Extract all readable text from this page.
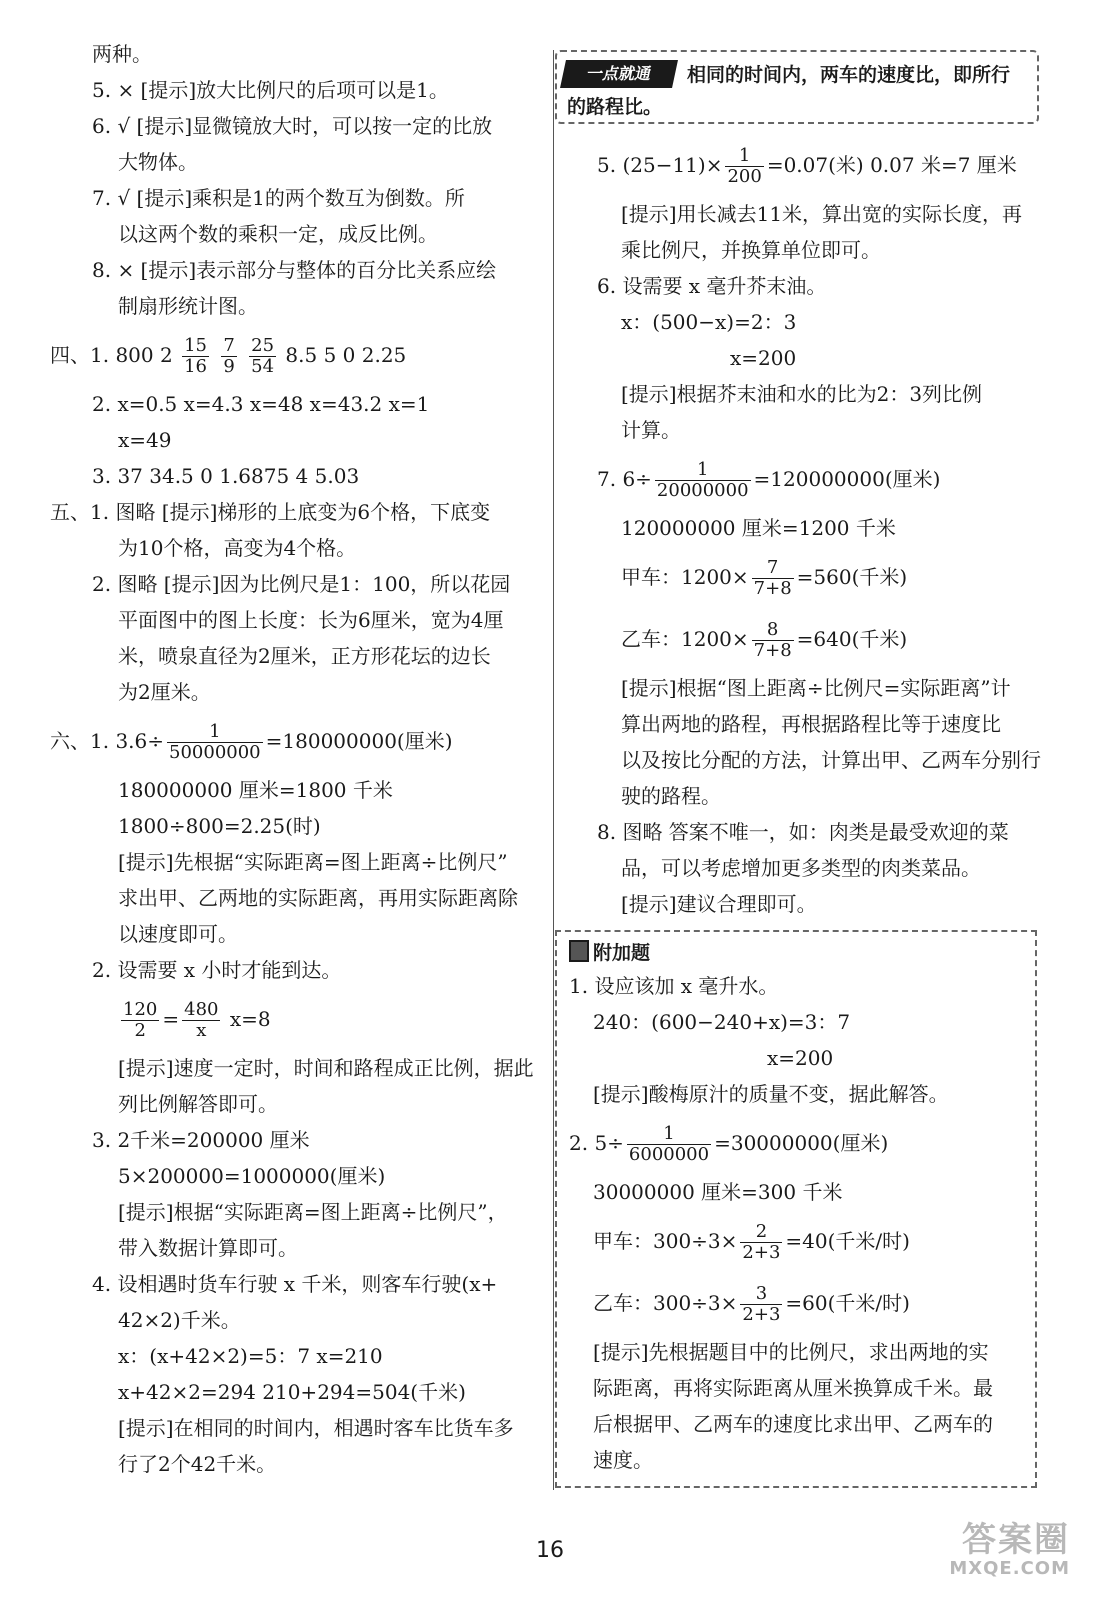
两种。
5. × [提示]放大比例尺的后项可以是1。
6. √ [提示]显微镜放大时，可以按一定的比放
大物体。
7. √ [提示]乘积是1的两个数互为倒数。所
以这两个数的乘积一定，成反比例。
8. × [提示]表示部分与整体的百分比关系应绘
制扇形统计图。
四、1. 800 $2 \frac{15}{16}$
$\frac{7}{9}$
$\frac{25}{54} 8.5$ 5 0 2.25
2. x=0.5 x=4.3 x=48 x=43.2 x=1
x=49
3. 37 34.5 0 1.6875 4 5.03
五、1. 图略 [提示]梯形的上底变为6个格，下底变
为10个格，高变为4个格。
2. 图略 [提示]因为比例尺是1：100，所以花园
平面图中的图上长度：长为6厘米，宽为4厘
米，喷泉直径为2厘米，正方形花坛的边长
为2厘米。
六、1. $3.6\div \frac{1}{50000000} =180000000$(厘米)
180000000 厘米=1800 千米
1800÷800=2.25(时)
[提示]先根据“实际距离=图上距离÷比例尺”
求出甲、乙两地的实际距离，再用实际距离除
以速度即可。
2. 设需要 x 小时才能到达。
$\frac{120}{2} = \frac{480}{x} x=8$
[提示]速度一定时，时间和路程成正比例，据此
列比例解答即可。
3. 2千米=200000 厘米
5×200000=1000000(厘米)
[提示]根据“实际距离=图上距离÷比例尺”，
带入数据计算即可。
4. 设相遇时货车行驶 x 千米，则客车行驶(x+
42×2)千米。
x：(x+42×2)=5：7 x=210
x+42×2=294 210+294=504(千米)
[提示]在相同的时间内，相遇时客车比货车多
行了2个42千米。
一点就通	相同的时间内，两车的速度比，即所行
的路程比。
5. $(25-11)\times \frac{1}{200} =0.07$(米) 0.07 米=7 厘米
[提示]用长减去11米，算出宽的实际长度，再
乘比例尺，并换算单位即可。
6. 设需要 x 毫升芥末油。
x：(500−x)=2：3
x=200
[提示]根据芥末油和水的比为2：3列比例
计算。
7. $6\div \frac{1}{20000000} =120000000$(厘米)
120000000 厘米=1200 千米
甲车：$1200\times \frac{7}{7+8} =560$(千米)
乙车：$1200\times \frac{8}{7+8} =640$(千米)
[提示]根据“图上距离÷比例尺=实际距离”计
算出两地的路程，再根据路程比等于速度比
以及按比分配的方法，计算出甲、乙两车分别行
驶的路程。
8. 图略 答案不唯一，如：肉类是最受欢迎的菜
品，可以考虑增加更多类型的肉类菜品。
[提示]建议合理即可。
附加题
1. 设应该加 x 毫升水。
240：(600−240+x)=3：7
x=200
[提示]酸梅原汁的质量不变，据此解答。
2. $5\div \frac{1}{6000000} =30000000$(厘米)
30000000 厘米=300 千米
甲车：$300\div 3\times \frac{2}{2+3} =40$(千米/时)
乙车：$300\div 3\times \frac{3}{2+3} =60$(千米/时)
[提示]先根据题目中的比例尺，求出两地的实
际距离，再将实际距离从厘米换算成千米。最
后根据甲、乙两车的速度比求出甲、乙两车的
速度。
16	答案圈
MXQE.COM
